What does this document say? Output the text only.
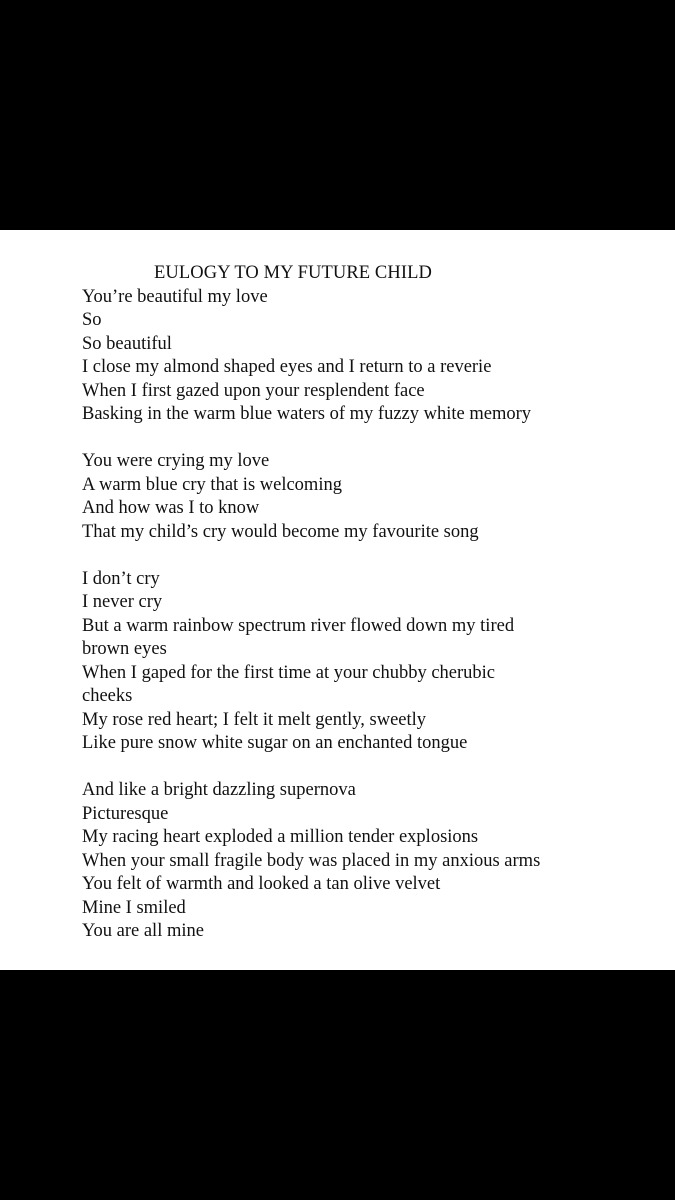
EULOGY TO MY FUTURE CHILD
You’re beautiful my love
So
So beautiful
I close my almond shaped eyes and I return to a reverie
When I first gazed upon your resplendent face
Basking in the warm blue waters of my fuzzy white memory
You were crying my love
A warm blue cry that is welcoming
And how was I to know
That my child’s cry would become my favourite song
I don’t cry
I never cry
But a warm rainbow spectrum river flowed down my tired
brown eyes
When I gaped for the first time at your chubby cherubic
cheeks
My rose red heart; I felt it melt gently, sweetly
Like pure snow white sugar on an enchanted tongue
And like a bright dazzling supernova
Picturesque
My racing heart exploded a million tender explosions
When your small fragile body was placed in my anxious arms
You felt of warmth and looked a tan olive velvet
Mine I smiled
You are all mine
